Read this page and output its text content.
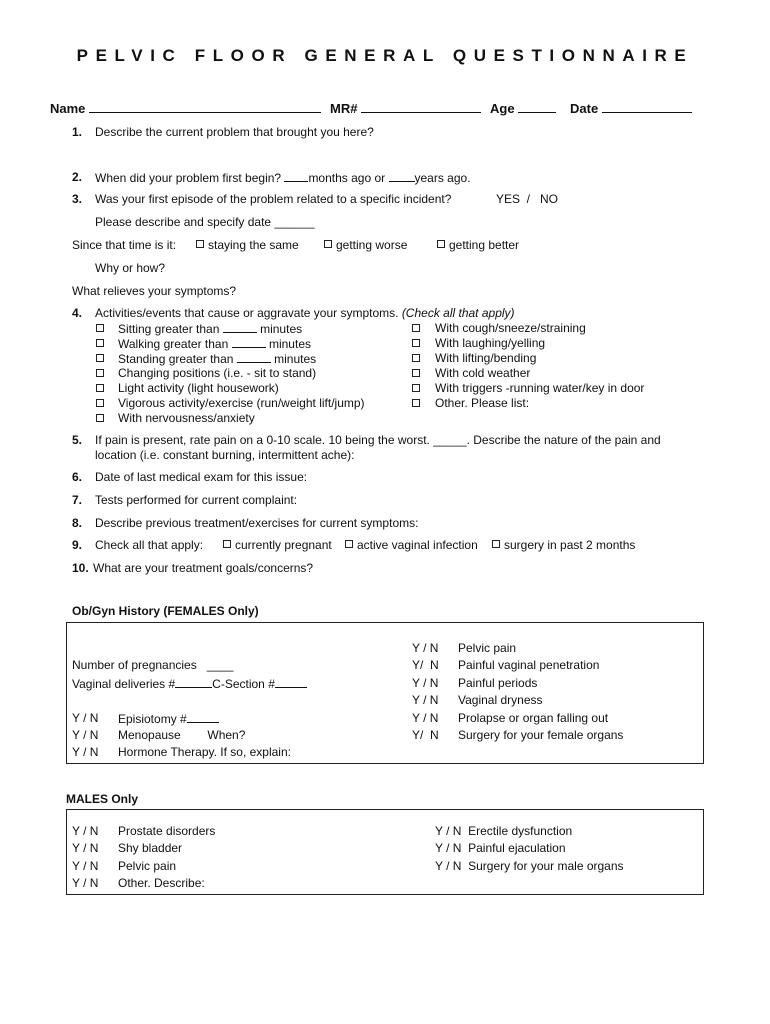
PELVIC FLOOR GENERAL QUESTIONNAIRE
Name	MR#	Age	Date
1. Describe the current problem that brought you here?
2. When did your problem first begin? months ago or years ago.
3. Was your first episode of the problem related to a specific incident?	YES  /   NO
Please describe and specify date ______
Since that time is it:	staying the same	getting worse	getting better
Why or how?
What relieves your symptoms?
4. Activities/events that cause or aggravate your symptoms. (Check all that apply)
Sitting greater than	minutes
Walking greater than	minutes
Standing greater than	minutes
Changing positions (i.e. - sit to stand)
Light activity (light housework)
Vigorous activity/exercise (run/weight lift/jump)
With nervousness/anxiety
With cough/sneeze/straining
With laughing/yelling
With lifting/bending
With cold weather
With triggers -running water/key in door
Other. Please list:
5. If pain is present, rate pain on a 0-10 scale. 10 being the worst. _____. Describe the nature of the pain and
location (i.e. constant burning, intermittent ache):
6. Date of last medical exam for this issue:
7. Tests performed for current complaint:
8. Describe previous treatment/exercises for current symptoms:
9. Check all that apply:	currently pregnant	active vaginal infection	surgery in past 2 months
10. What are your treatment goals/concerns?
Ob/Gyn History (FEMALES Only)
Number of pregnancies   ____
Vaginal deliveries #	C-Section #
Y / N	Episiotomy #
Y / N	Menopause        When?
Y / N	Hormone Therapy. If so, explain:
Y / N	Pelvic pain
Y/  N	Painful vaginal penetration
Y / N	Painful periods
Y / N	Vaginal dryness
Y / N	Prolapse or organ falling out
Y/  N	Surgery for your female organs
MALES Only
Y / N	Prostate disorders
Y / N	Shy bladder
Y / N	Pelvic pain
Y / N	Other. Describe:
Y / N  Erectile dysfunction
Y / N  Painful ejaculation
Y / N  Surgery for your male organs
